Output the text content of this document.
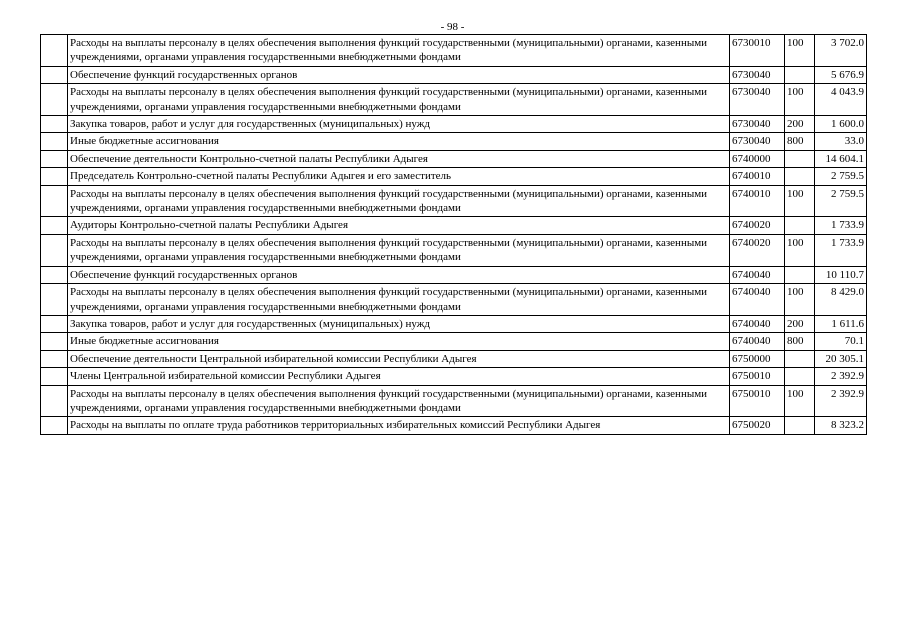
- 98 -
	Расходы на выплаты персоналу в целях обеспечения выполнения функций государственными (муниципальными) органами, казенными учреждениями, органами управления государственными внебюджетными фондами	6730010	100	3 702.0
	Обеспечение функций государственных органов	6730040		5 676.9
	Расходы на выплаты персоналу в целях обеспечения выполнения функций государственными (муниципальными) органами, казенными учреждениями, органами управления государственными внебюджетными фондами	6730040	100	4 043.9
	Закупка товаров, работ и услуг для государственных (муниципальных) нужд	6730040	200	1 600.0
	Иные бюджетные ассигнования	6730040	800	33.0
	Обеспечение деятельности Контрольно-счетной палаты Республики Адыгея	6740000		14 604.1
	Председатель Контрольно-счетной палаты Республики Адыгея и его заместитель	6740010		2 759.5
	Расходы на выплаты персоналу в целях обеспечения выполнения функций государственными (муниципальными) органами, казенными учреждениями, органами управления государственными внебюджетными фондами	6740010	100	2 759.5
	Аудиторы Контрольно-счетной палаты Республики Адыгея	6740020		1 733.9
	Расходы на выплаты персоналу в целях обеспечения выполнения функций государственными (муниципальными) органами, казенными учреждениями, органами управления государственными внебюджетными фондами	6740020	100	1 733.9
	Обеспечение функций государственных органов	6740040		10 110.7
	Расходы на выплаты персоналу в целях обеспечения выполнения функций государственными (муниципальными) органами, казенными учреждениями, органами управления государственными внебюджетными фондами	6740040	100	8 429.0
	Закупка товаров, работ и услуг для государственных (муниципальных) нужд	6740040	200	1 611.6
	Иные бюджетные ассигнования	6740040	800	70.1
	Обеспечение деятельности Центральной избирательной комиссии Республики Адыгея	6750000		20 305.1
	Члены Центральной избирательной комиссии Республики Адыгея	6750010		2 392.9
	Расходы на выплаты персоналу в целях обеспечения выполнения функций государственными (муниципальными) органами, казенными учреждениями, органами управления государственными внебюджетными фондами	6750010	100	2 392.9
	Расходы на выплаты по оплате труда работников территориальных избирательных комиссий Республики Адыгея	6750020		8 323.2
